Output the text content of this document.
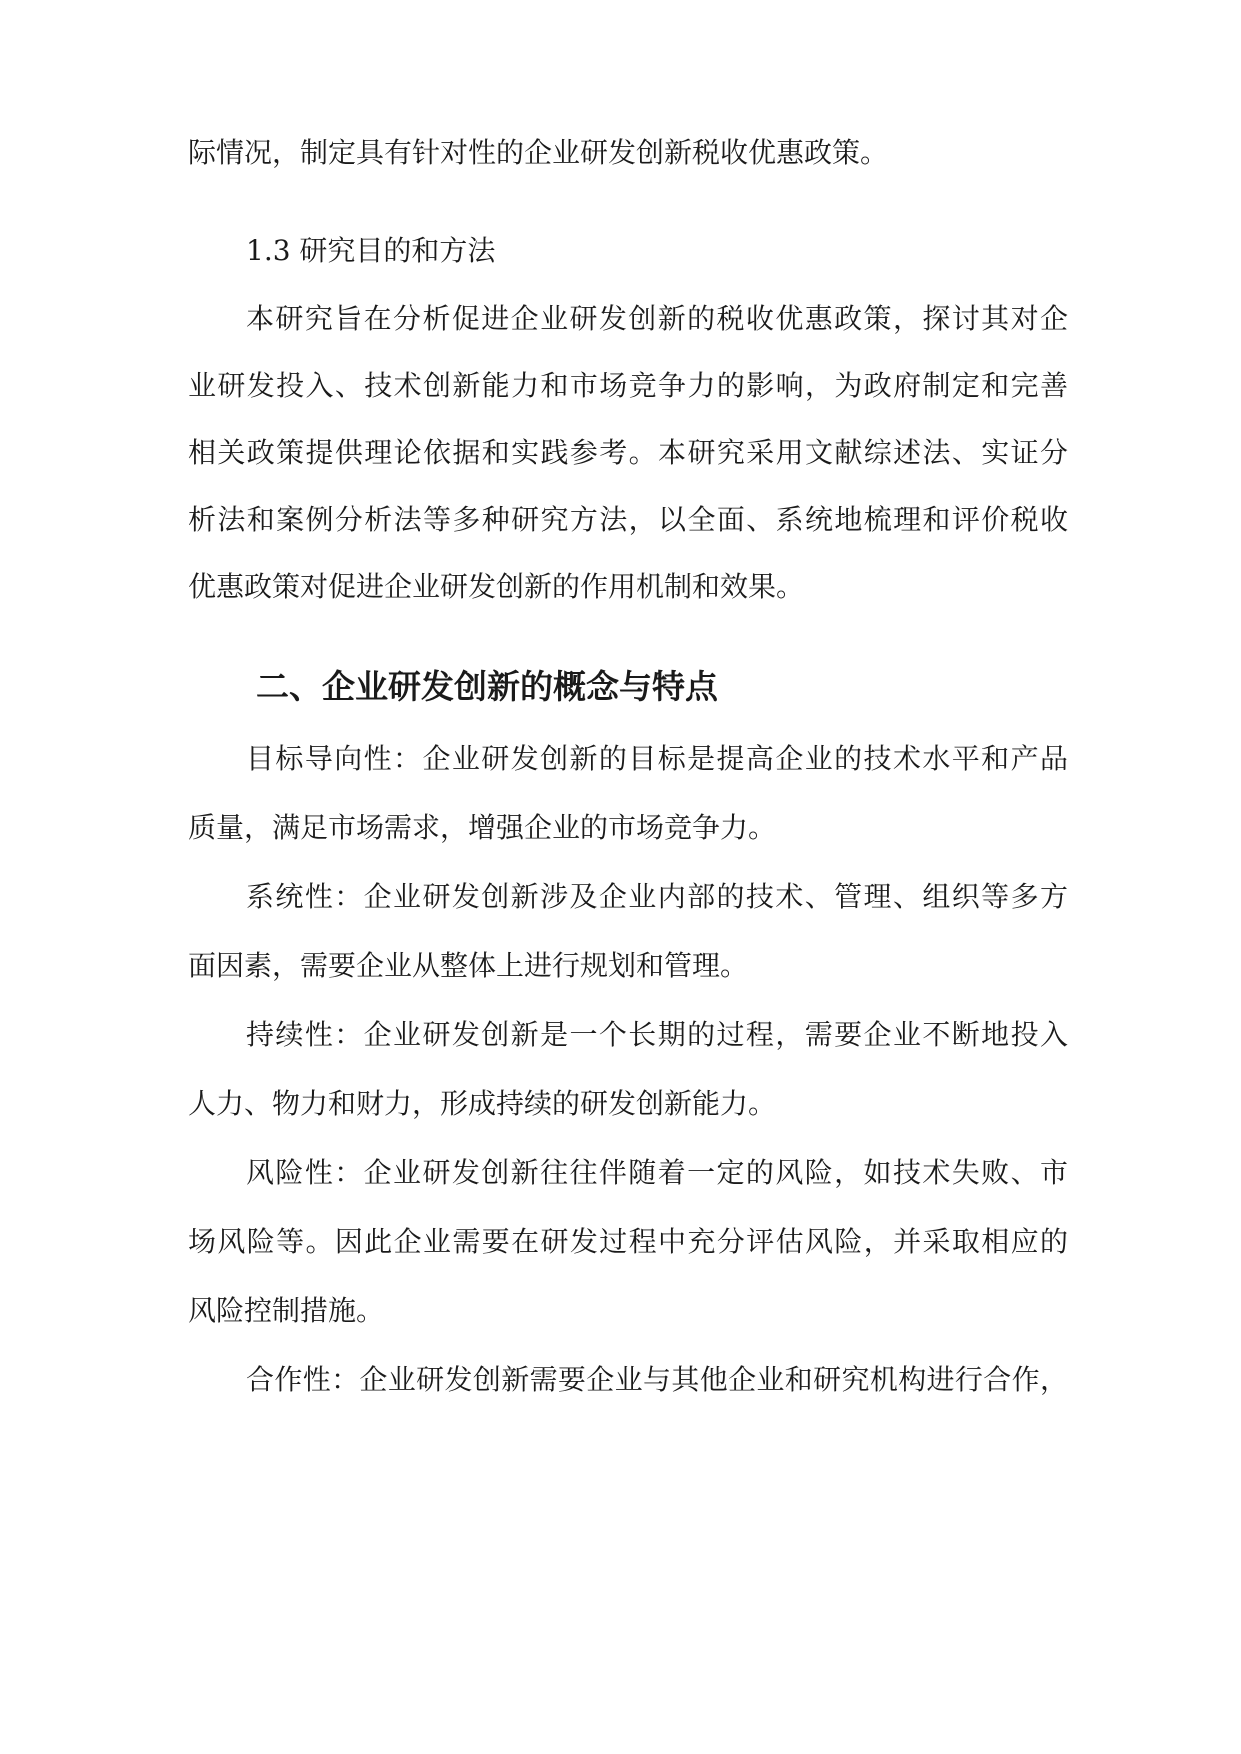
际情况，制定具有针对性的企业研发创新税收优惠政策。
1.3 研究目的和方法
本研究旨在分析促进企业研发创新的税收优惠政策，探讨其对企
业研发投入、技术创新能力和市场竞争力的影响，为政府制定和完善
相关政策提供理论依据和实践参考。本研究采用文献综述法、实证分
析法和案例分析法等多种研究方法，以全面、系统地梳理和评价税收
优惠政策对促进企业研发创新的作用机制和效果。
二、企业研发创新的概念与特点
目标导向性：企业研发创新的目标是提高企业的技术水平和产品
质量，满足市场需求，增强企业的市场竞争力。
系统性：企业研发创新涉及企业内部的技术、管理、组织等多方
面因素，需要企业从整体上进行规划和管理。
持续性：企业研发创新是一个长期的过程，需要企业不断地投入
人力、物力和财力，形成持续的研发创新能力。
风险性：企业研发创新往往伴随着一定的风险，如技术失败、市
场风险等。因此企业需要在研发过程中充分评估风险，并采取相应的
风险控制措施。
合作性：企业研发创新需要企业与其他企业和研究机构进行合作，
